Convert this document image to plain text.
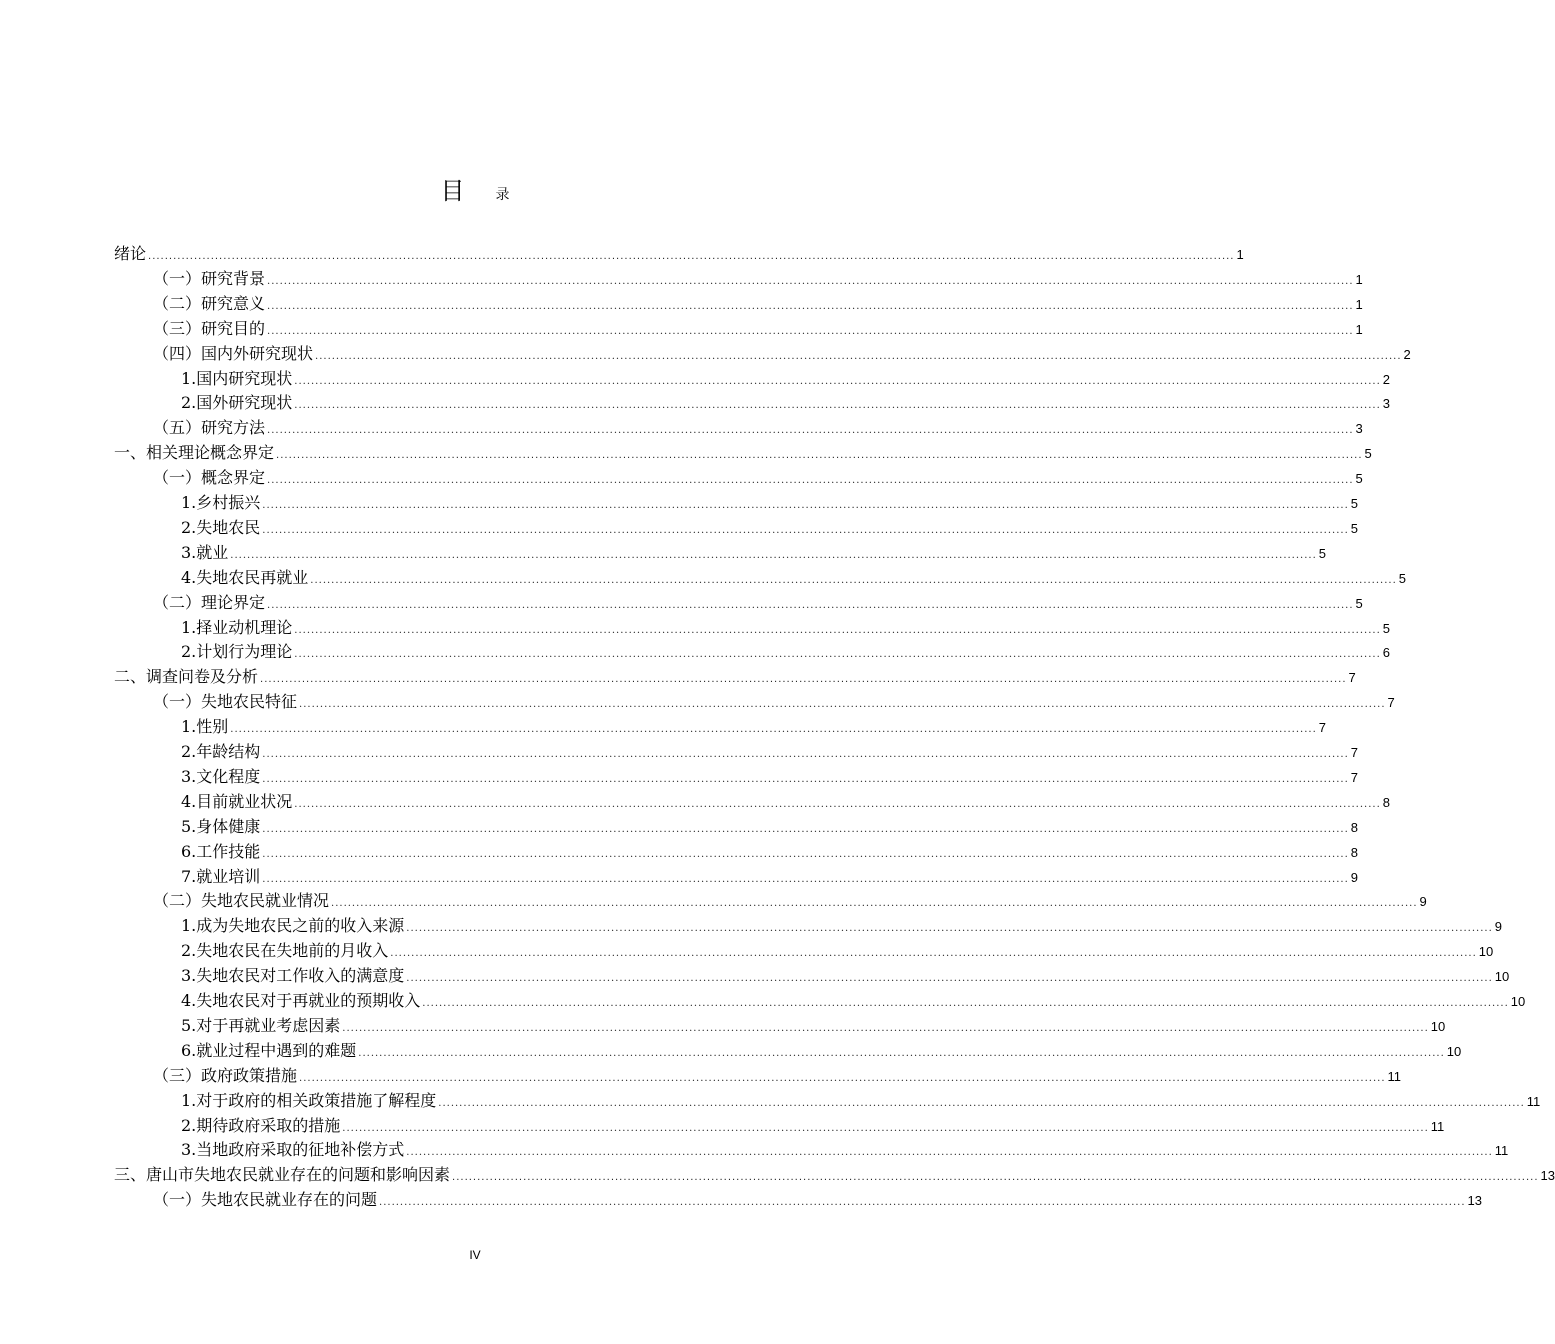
目 录
绪论 .................................................................................................................................................................................................................................................................... 1
（一） 研究背景 .................................................................................................................................................................................................................................................................... 1
（二） 研究意义 .................................................................................................................................................................................................................................................................... 1
（三） 研究目的 .................................................................................................................................................................................................................................................................... 1
（四） 国内外研究现状 .................................................................................................................................................................................................................................................................... 2
1. 国内研究现状 .................................................................................................................................................................................................................................................................... 2
2. 国外研究现状 .................................................................................................................................................................................................................................................................... 3
（五） 研究方法 .................................................................................................................................................................................................................................................................... 3
一、 相关理论概念界定 .................................................................................................................................................................................................................................................................... 5
（一） 概念界定 .................................................................................................................................................................................................................................................................... 5
1. 乡村振兴 .................................................................................................................................................................................................................................................................... 5
2. 失地农民 .................................................................................................................................................................................................................................................................... 5
3. 就业 .................................................................................................................................................................................................................................................................... 5
4. 失地农民再就业 .................................................................................................................................................................................................................................................................... 5
（二） 理论界定 .................................................................................................................................................................................................................................................................... 5
1. 择业动机理论 .................................................................................................................................................................................................................................................................... 5
2. 计划行为理论 .................................................................................................................................................................................................................................................................... 6
二、 调查问卷及分析 .................................................................................................................................................................................................................................................................... 7
（一） 失地农民特征 .................................................................................................................................................................................................................................................................... 7
1. 性别 .................................................................................................................................................................................................................................................................... 7
2. 年龄结构 .................................................................................................................................................................................................................................................................... 7
3. 文化程度 .................................................................................................................................................................................................................................................................... 7
4. 目前就业状况 .................................................................................................................................................................................................................................................................... 8
5. 身体健康 .................................................................................................................................................................................................................................................................... 8
6. 工作技能 .................................................................................................................................................................................................................................................................... 8
7. 就业培训 .................................................................................................................................................................................................................................................................... 9
（二） 失地农民就业情况 .................................................................................................................................................................................................................................................................... 9
1. 成为失地农民之前的收入来源 .................................................................................................................................................................................................................................................................... 9
2. 失地农民在失地前的月收入 .................................................................................................................................................................................................................................................................... 10
3. 失地农民对工作收入的满意度 .................................................................................................................................................................................................................................................................... 10
4. 失地农民对于再就业的预期收入 .................................................................................................................................................................................................................................................................... 10
5. 对于再就业考虑因素 .................................................................................................................................................................................................................................................................... 10
6. 就业过程中遇到的难题 .................................................................................................................................................................................................................................................................... 10
（三） 政府政策措施 .................................................................................................................................................................................................................................................................... 11
1. 对于政府的相关政策措施了解程度 .................................................................................................................................................................................................................................................................... 11
2. 期待政府采取的措施 .................................................................................................................................................................................................................................................................... 11
3. 当地政府采取的征地补偿方式 .................................................................................................................................................................................................................................................................... 11
三、 唐山市失地农民就业存在的问题和影响因素 .................................................................................................................................................................................................................................................................... 13
（一） 失地农民就业存在的问题 .................................................................................................................................................................................................................................................................... 13
IV
